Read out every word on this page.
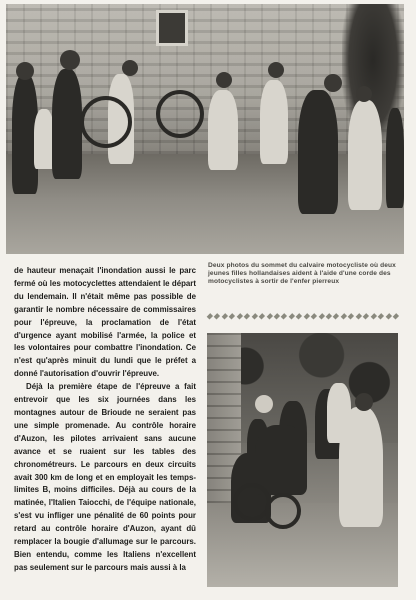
de hauteur menaçait l'inondation aussi le parc fermé où les motocyclettes attendaient le départ du lendemain. Il n'était même pas possible de garantir le nombre nécessaire de commissaires pour l'épreuve, la proclamation de l'état d'urgence ayant mobilisé l'armée, la police et les volontaires pour combattre l'inondation. Ce n'est qu'après minuit du lundi que le préfet a donné l'autorisation d'ouvrir l'épreuve.

Déjà la première étape de l'épreuve a fait entrevoir que les six journées dans les montagnes autour de Brioude ne seraient pas une simple promenade. Au contrôle horaire d'Auzon, les pilotes arrivaient sans aucune avance et se ruaient sur les tables des chronométreurs. Le parcours en deux circuits avait 300 km de long et en employait les temps-limites B, moins difficiles. Déjà au cours de la matinée, l'Italien Taiocchi, de l'équipe nationale, s'est vu infliger une pénalité de 60 points pour retard au contrôle horaire d'Auzon, ayant dû remplacer la bougie d'allumage sur le parcours. Bien entendu, comme les Italiens n'excellent pas seulement sur le parcours mais aussi à la

Deux photos du sommet du calvaire motocycliste où deux jeunes filles hollandaises aident à l'aide d'une corde des motocyclistes à sortir de l'enfer pierreux
